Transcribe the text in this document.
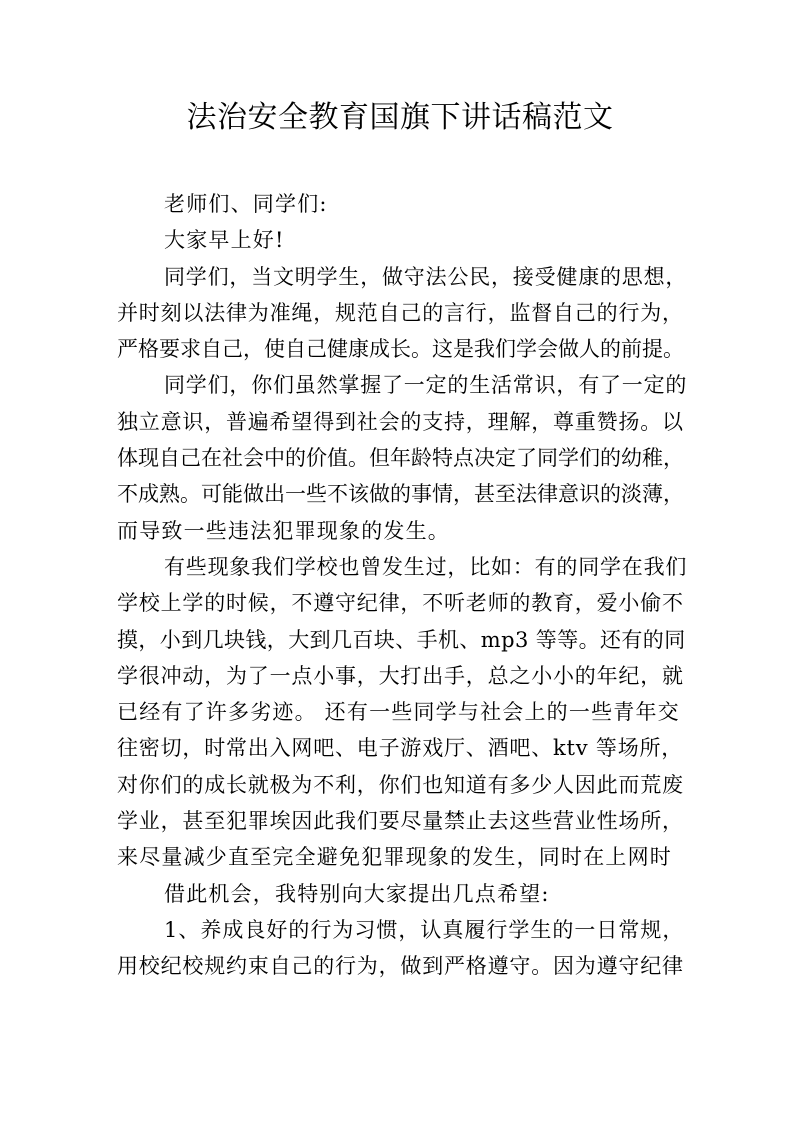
法治安全教育国旗下讲话稿范文
老师们、同学们:
大家早上好!
同学们，当文明学生，做守法公民，接受健康的思想，
并时刻以法律为准绳，规范自己的言行，监督自己的行为，
严格要求自己，使自己健康成长。这是我们学会做人的前提。
同学们，你们虽然掌握了一定的生活常识，有了一定的
独立意识，普遍希望得到社会的支持，理解，尊重赞扬。以
体现自己在社会中的价值。但年龄特点决定了同学们的幼稚，
不成熟。可能做出一些不该做的事情，甚至法律意识的淡薄，
而导致一些违法犯罪现象的发生。
有些现象我们学校也曾发生过，比如：有的同学在我们
学校上学的时候，不遵守纪律，不听老师的教育，爱小偷不
摸，小到几块钱，大到几百块、手机、mp3 等等。还有的同
学很冲动，为了一点小事，大打出手，总之小小的年纪，就
已经有了许多劣迹。 还有一些同学与社会上的一些青年交
往密切，时常出入网吧、电子游戏厅、酒吧、ktv 等场所，
对你们的成长就极为不利，你们也知道有多少人因此而荒废
学业，甚至犯罪埃因此我们要尽量禁止去这些营业性场所，
来尽量减少直至完全避免犯罪现象的发生，同时在上网时
借此机会，我特别向大家提出几点希望:
1、养成良好的行为习惯，认真履行学生的一日常规，
用校纪校规约束自己的行为，做到严格遵守。因为遵守纪律
